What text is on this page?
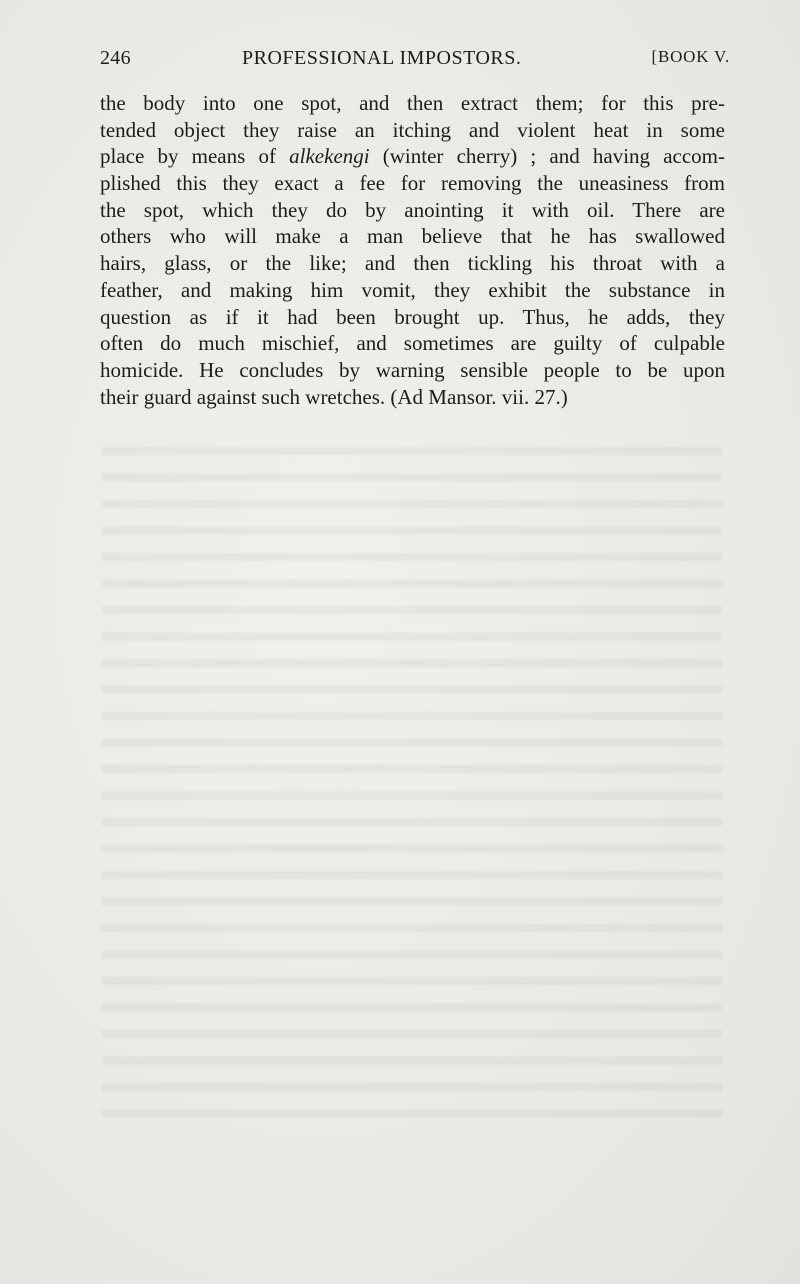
246	PROFESSIONAL IMPOSTORS.	[BOOK V.
the body into one spot, and then extract them; for this pre-
tended object they raise an itching and violent heat in some
place by means of alkekengi (winter cherry) ; and having accom-
plished this they exact a fee for removing the uneasiness from
the spot, which they do by anointing it with oil. There are
others who will make a man believe that he has swallowed
hairs, glass, or the like; and then tickling his throat with a
feather, and making him vomit, they exhibit the substance in
question as if it had been brought up. Thus, he adds, they
often do much mischief, and sometimes are guilty of culpable
homicide. He concludes by warning sensible people to be upon
their guard against such wretches. (Ad Mansor. vii. 27.)
